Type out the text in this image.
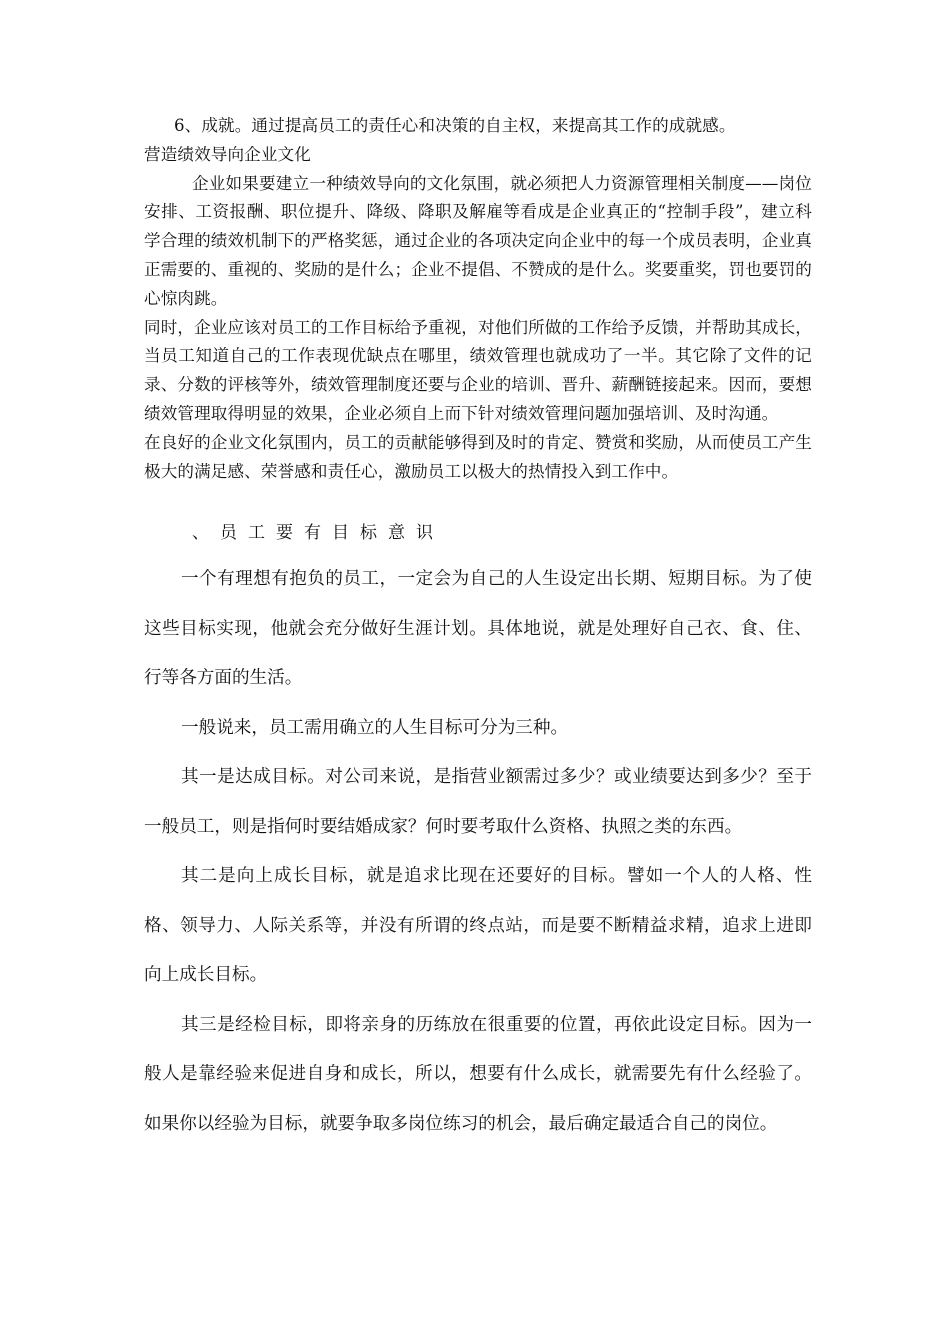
6、成就。通过提高员工的责任心和决策的自主权，来提高其工作的成就感。

营造绩效导向企业文化

企业如果要建立一种绩效导向的文化氛围，就必须把人力资源管理相关制度——岗位安排、工资报酬、职位提升、降级、降职及解雇等看成是企业真正的“控制手段”，建立科学合理的绩效机制下的严格奖惩，通过企业的各项决定向企业中的每一个成员表明，企业真正需要的、重视的、奖励的是什么；企业不提倡、不赞成的是什么。奖要重奖，罚也要罚的心惊肉跳。

同时，企业应该对员工的工作目标给予重视，对他们所做的工作给予反馈，并帮助其成长，当员工知道自己的工作表现优缺点在哪里，绩效管理也就成功了一半。其它除了文件的记录、分数的评核等外，绩效管理制度还要与企业的培训、晋升、薪酬链接起来。因而，要想绩效管理取得明显的效果，企业必须自上而下针对绩效管理问题加强培训、及时沟通。

在良好的企业文化氛围内，员工的贡献能够得到及时的肯定、赞赏和奖励，从而使员工产生极大的满足感、荣誉感和责任心，激励员工以极大的热情投入到工作中。

、员工要有目标意识

一个有理想有抱负的员工，一定会为自己的人生设定出长期、短期目标。为了使这些目标实现，他就会充分做好生涯计划。具体地说，就是处理好自己衣、食、住、行等各方面的生活。

一般说来，员工需用确立的人生目标可分为三种。

其一是达成目标。对公司来说，是指营业额需过多少？或业绩要达到多少？至于一般员工，则是指何时要结婚成家？何时要考取什么资格、执照之类的东西。

其二是向上成长目标，就是追求比现在还要好的目标。譬如一个人的人格、性格、领导力、人际关系等，并没有所谓的终点站，而是要不断精益求精，追求上进即向上成长目标。

其三是经检目标，即将亲身的历练放在很重要的位置，再依此设定目标。因为一般人是靠经验来促进自身和成长，所以，想要有什么成长，就需要先有什么经验了。如果你以经验为目标，就要争取多岗位练习的机会，最后确定最适合自己的岗位。
